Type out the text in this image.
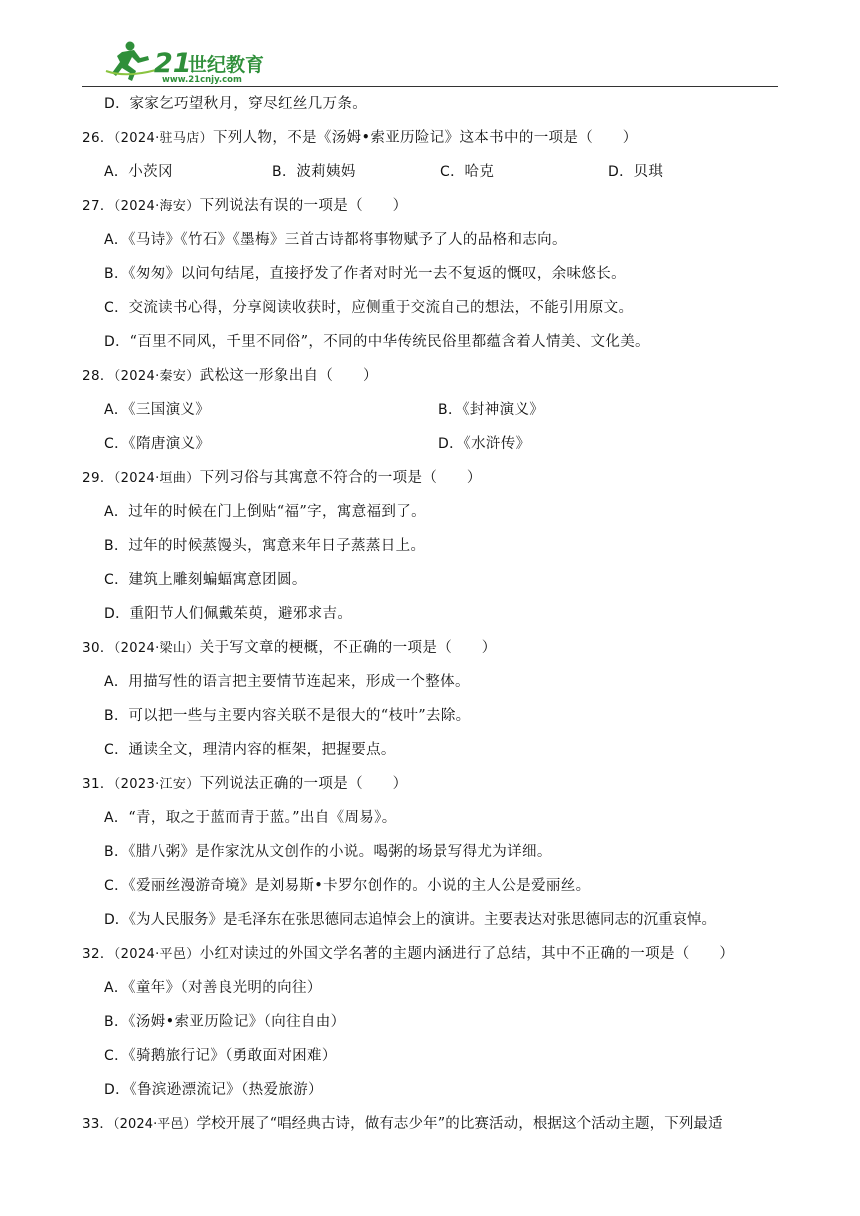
21
世纪教育
www.21cnjy.com
D．家家乞巧望秋月，穿尽红丝几万条。
26．（2024·驻马店）下列人物，不是《汤姆•索亚历险记》这本书中的一项是（　　）
A．小茨冈	B．波莉姨妈	C．哈克	D．贝琪
27．（2024·海安）下列说法有误的一项是（　　）
A．《马诗》《竹石》《墨梅》三首古诗都将事物赋予了人的品格和志向。
B．《匆匆》以问句结尾，直接抒发了作者对时光一去不复返的慨叹，余味悠长。
C．交流读书心得，分享阅读收获时，应侧重于交流自己的想法，不能引用原文。
D．“百里不同风，千里不同俗”，不同的中华传统民俗里都蕴含着人情美、文化美。
28．（2024·秦安）武松这一形象出自（　　）
A．《三国演义》	B．《封神演义》
C．《隋唐演义》	D．《水浒传》
29．（2024·垣曲）下列习俗与其寓意不符合的一项是（　　）
A．过年的时候在门上倒贴“福”字，寓意福到了。
B．过年的时候蒸馒头，寓意来年日子蒸蒸日上。
C．建筑上雕刻蝙蝠寓意团圆。
D．重阳节人们佩戴茱萸，避邪求吉。
30．（2024·梁山）关于写文章的梗概，不正确的一项是（　　）
A．用描写性的语言把主要情节连起来，形成一个整体。
B．可以把一些与主要内容关联不是很大的“枝叶”去除。
C．通读全文，理清内容的框架，把握要点。
31．（2023·江安）下列说法正确的一项是（　　）
A．“青，取之于蓝而青于蓝。”出自《周易》。
B．《腊八粥》是作家沈从文创作的小说。喝粥的场景写得尤为详细。
C．《爱丽丝漫游奇境》是刘易斯•卡罗尔创作的。小说的主人公是爱丽丝。
D．《为人民服务》是毛泽东在张思德同志追悼会上的演讲。主要表达对张思德同志的沉重哀悼。
32．（2024·平邑）小红对读过的外国文学名著的主题内涵进行了总结，其中不正确的一项是（　　）
A．《童年》（对善良光明的向往）
B．《汤姆•索亚历险记》（向往自由）
C．《骑鹅旅行记》（勇敢面对困难）
D．《鲁滨逊漂流记》（热爱旅游）
33．（2024·平邑）学校开展了“唱经典古诗，做有志少年”的比赛活动，根据这个活动主题，下列最适
